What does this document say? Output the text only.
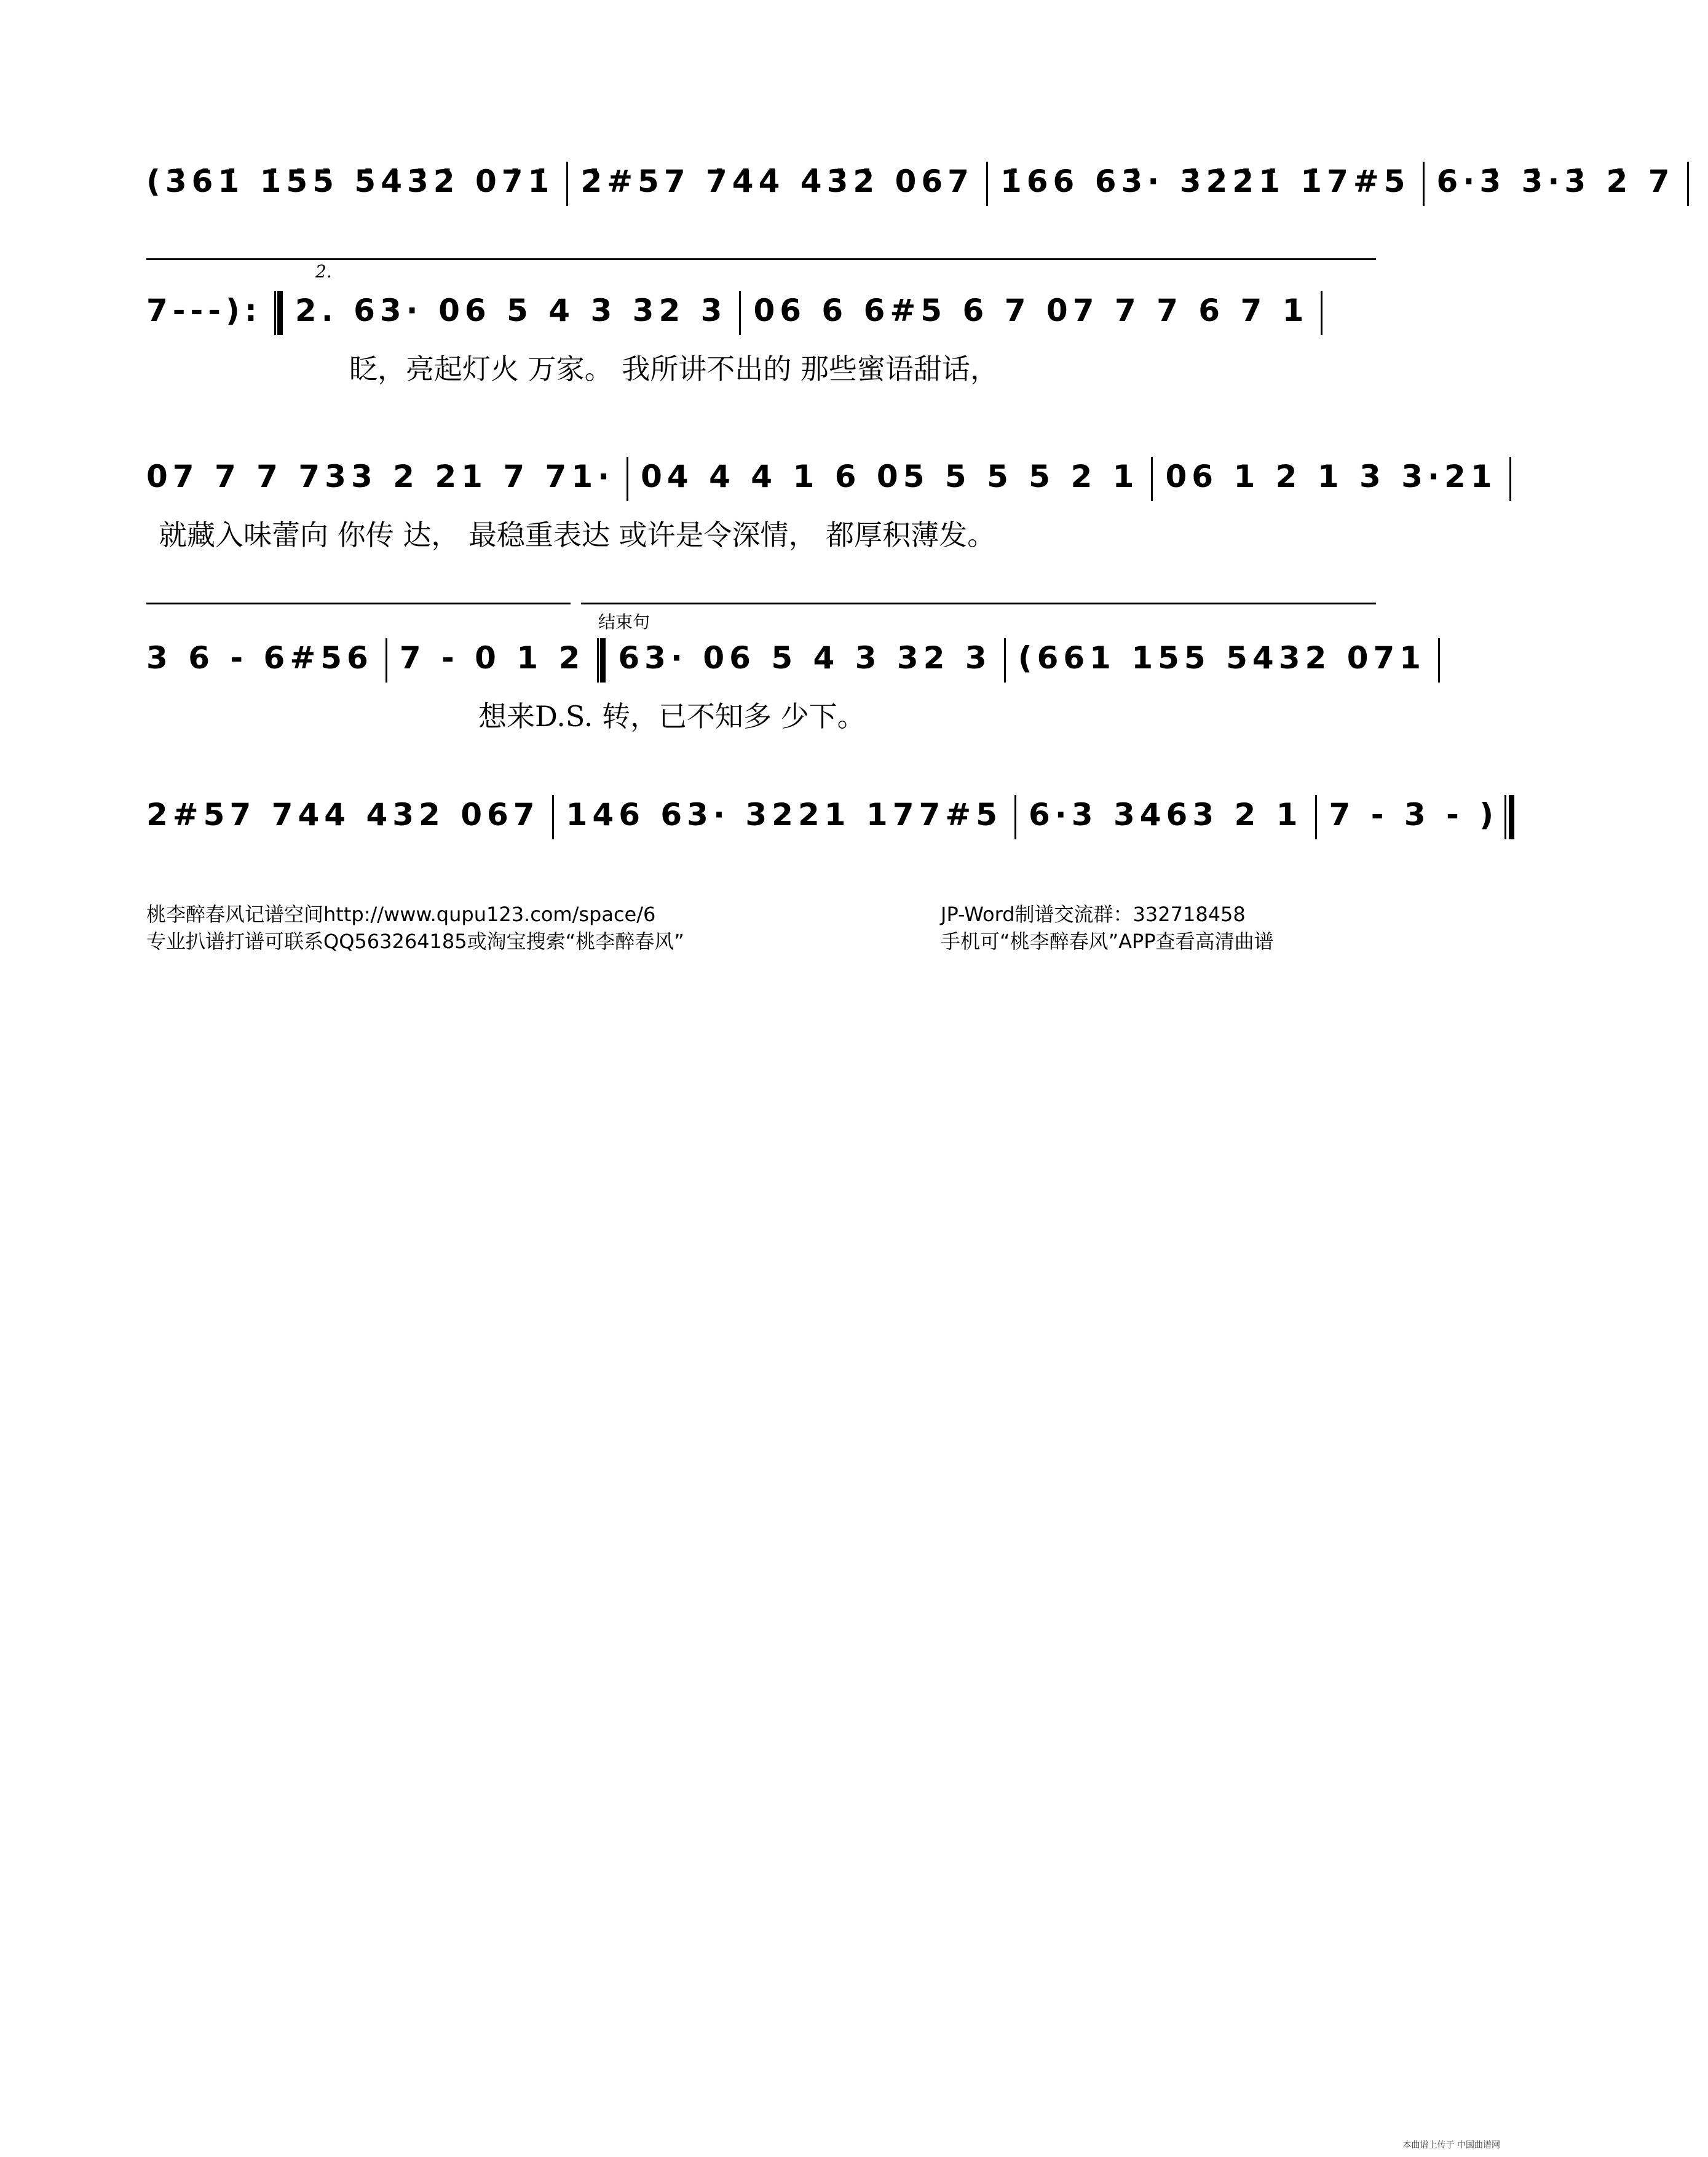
(3̇6̇1̇ 1̇5̇5̇ 5̇4̇3̇2̇ 07̇1̇ 2̇#57 7̇4̇4̇ 4̇3̇2̇ 067 1̇66 63̇· 3̇2̇2̇1̇ 1̇7#5 6·3̇ 3̇·3̇ 2̇ 7
2.
7---): 2. 63· 06 5 4 3 32 3 06 6 6#5 6 7 07 7 7 6 7 1
眨，亮起灯火 万家。 我所讲不出的 那些蜜语甜话，
07 7 7 733 2 21 7 71· 04 4 4 1 6 05 5 5 5 2 1 06 1 2 1 3 3·21
就藏入味蕾向 你传 达， 最稳重表达 或许是令深情， 都厚积薄发。
结束句
3 6 - 6#56 7 - 0 1 2 63· 06 5 4 3 32 3 (661 155 5432 071
想来D.S. 转，已不知多 少下。
2#57 744 432 067 146 63· 3221 177#5 6·3 3463 2 1 7 - 3 - )
桃李醉春风记谱空间http://www.qupu123.com/space/6
专业扒谱打谱可联系QQ563264185或淘宝搜索“桃李醉春风”
JP-Word制谱交流群：332718458
手机可“桃李醉春风”APP查看高清曲谱
本曲谱上传于 中国曲谱网
